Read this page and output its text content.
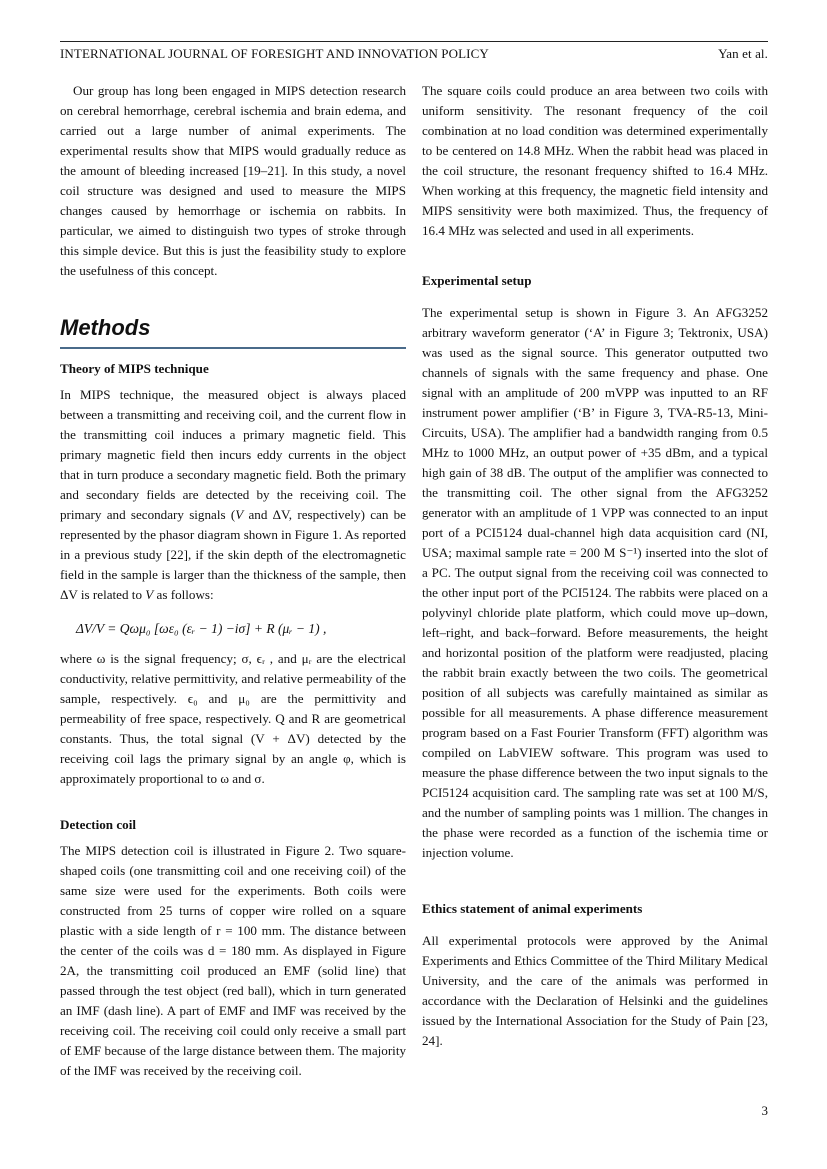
INTERNATIONAL JOURNAL OF FORESIGHT AND INNOVATION POLICY	Yan et al.

Our group has long been engaged in MIPS detection research on cerebral hemorrhage, cerebral ischemia and brain edema, and carried out a large number of animal experiments. The experimental results show that MIPS would gradually reduce as the amount of bleeding increased [19–21]. In this study, a novel coil structure was designed and used to measure the MIPS changes caused by hemorrhage or ischemia on rabbits. In particular, we aimed to distinguish two types of stroke through this simple device. But this is just the feasibility study to explore the usefulness of this concept.

Methods

Theory of MIPS technique

In MIPS technique, the measured object is always placed between a transmitting and receiving coil, and the current flow in the transmitting coil induces a primary magnetic field. This primary magnetic field then incurs eddy currents in the object that in turn produce a secondary magnetic field. Both the primary and secondary fields are detected by the receiving coil. The primary and secondary signals (V and ΔV, respectively) can be represented by the phasor diagram shown in Figure 1. As reported in a previous study [22], if the skin depth of the electromagnetic field in the sample is larger than the thickness of the sample, then ΔV is related to V as follows:

ΔV/V = Qωμ₀ [ωε₀ (εᵣ − 1) −iσ] + R (μᵣ − 1) ,

where ω is the signal frequency; σ, ϵᵣ , and μᵣ are the electrical conductivity, relative permittivity, and relative permeability of the sample, respectively. ϵ₀ and μ₀ are the permittivity and permeability of free space, respectively. Q and R are geometrical constants. Thus, the total signal (V + ΔV) detected by the receiving coil lags the primary signal by an angle φ, which is approximately proportional to ω and σ.

Detection coil

The MIPS detection coil is illustrated in Figure 2. Two square-shaped coils (one transmitting coil and one receiving coil) of the same size were used for the experiments. Both coils were constructed from 25 turns of copper wire rolled on a square plastic with a side length of r = 100 mm. The distance between the center of the coils was d = 180 mm. As displayed in Figure 2A, the transmitting coil produced an EMF (solid line) that passed through the test object (red ball), which in turn generated an IMF (dash line). A part of EMF and IMF was received by the receiving coil. The receiving coil could only receive a small part of EMF because of the large distance between them. The majority of the IMF was received by the receiving coil.

The square coils could produce an area between two coils with uniform sensitivity. The resonant frequency of the coil combination at no load condition was determined experimentally to be centered on 14.8 MHz. When the rabbit head was placed in the coil structure, the resonant frequency shifted to 16.4 MHz. When working at this frequency, the magnetic field intensity and MIPS sensitivity were both maximized. Thus, the frequency of 16.4 MHz was selected and used in all experiments.

Experimental setup

The experimental setup is shown in Figure 3. An AFG3252 arbitrary waveform generator (‘A’ in Figure 3; Tektronix, USA) was used as the signal source. This generator outputted two channels of signals with the same frequency and phase. One signal with an amplitude of 200 mVPP was inputted to an RF instrument power amplifier (‘B’ in Figure 3, TVA-R5-13, Mini-Circuits, USA). The amplifier had a bandwidth ranging from 0.5 MHz to 1000 MHz, an output power of +35 dBm, and a typical high gain of 38 dB. The output of the amplifier was connected to the transmitting coil. The other signal from the AFG3252 generator with an amplitude of 1 VPP was connected to an input port of a PCI5124 dual-channel high data acquisition card (NI, USA; maximal sample rate = 200 M S⁻¹) inserted into the slot of a PC. The output signal from the receiving coil was connected to the other input port of the PCI5124. The rabbits were placed on a polyvinyl chloride plate platform, which could move up–down, left–right, and back–forward. Before measurements, the height and horizontal position of the platform were readjusted, placing the rabbit brain exactly between the two coils. The geometrical position of all subjects was carefully maintained as similar as possible for all measurements. A phase difference measurement program based on a Fast Fourier Transform (FFT) algorithm was compiled on LabVIEW software. This program was used to measure the phase difference between the two input signals to the PCI5124 acquisition card. The sampling rate was set at 100 M/S, and the number of sampling points was 1 million. The changes in the phase were recorded as a function of the ischemia time or injection volume.

Ethics statement of animal experiments

All experimental protocols were approved by the Animal Experiments and Ethics Committee of the Third Military Medical University, and the care of the animals was performed in accordance with the Declaration of Helsinki and the guidelines issued by the International Association for the Study of Pain [23, 24].

3
